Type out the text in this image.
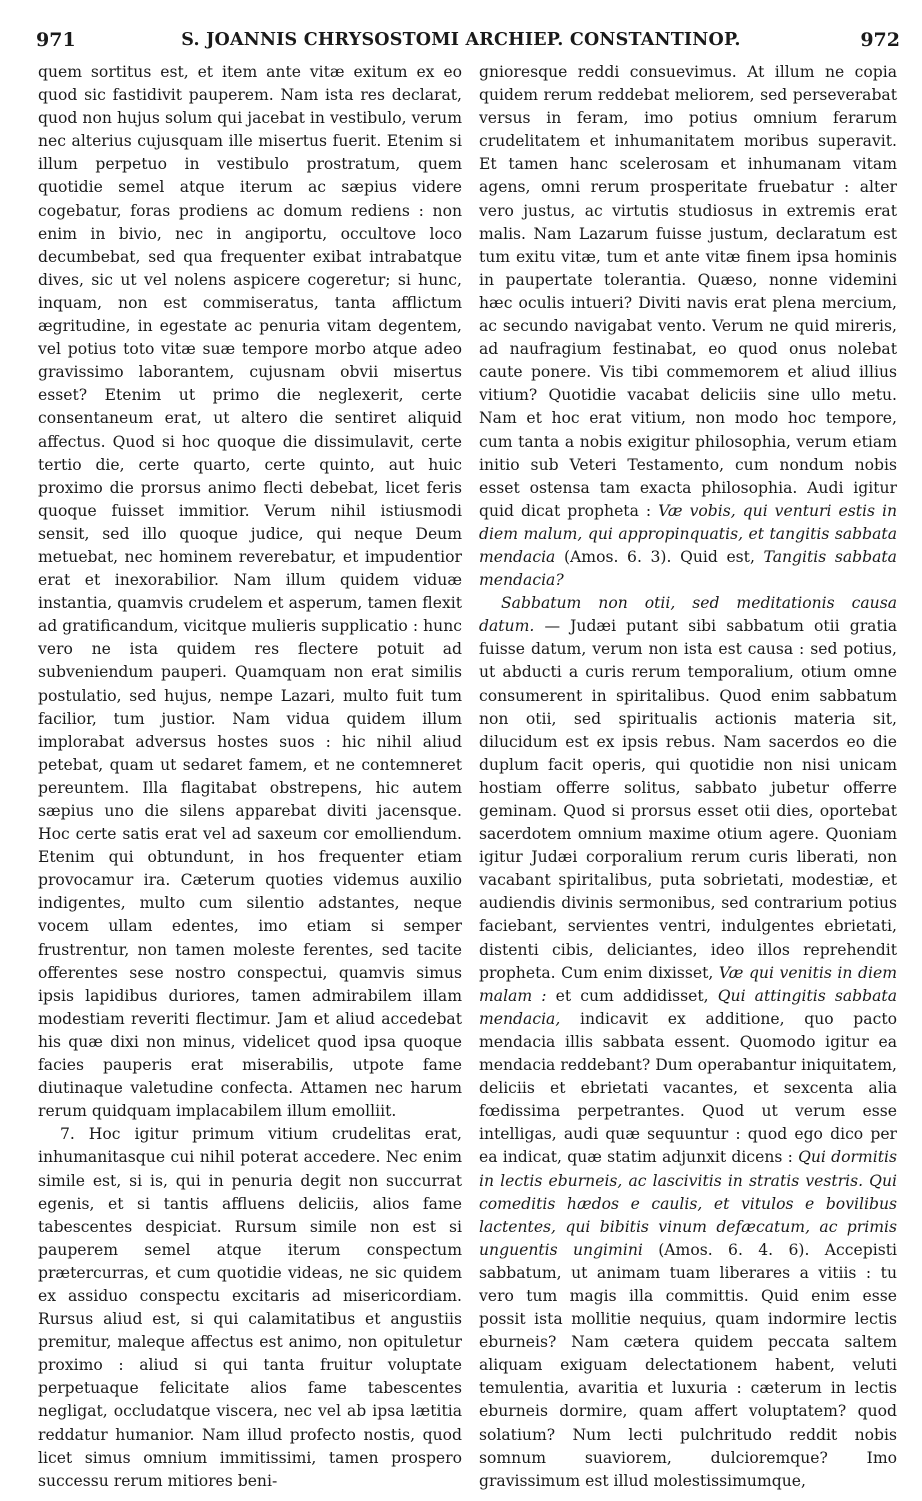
971	S. JOANNIS CHRYSOSTOMI ARCHIEP. CONSTANTINOP.	972

quem sortitus est, et item ante vitæ exitum ex eo quod sic fastidivit pauperem. Nam ista res declarat, quod non hujus solum qui jacebat in vestibulo, verum nec alterius cujusquam ille misertus fuerit. Etenim si illum perpetuo in vestibulo prostratum, quem quotidie semel atque iterum ac sæpius videre cogebatur, foras prodiens ac domum rediens : non enim in bivio, nec in angiportu, occultove loco decumbebat, sed qua frequenter exibat intrabatque dives, sic ut vel nolens aspicere cogeretur; si hunc, inquam, non est commiseratus, tanta afflictum ægritudine, in egestate ac penuria vitam degentem, vel potius toto vitæ suæ tempore morbo atque adeo gravissimo laborantem, cujusnam obvii misertus esset? Etenim ut primo die neglexerit, certe consentaneum erat, ut altero die sentiret aliquid affectus. Quod si hoc quoque die dissimulavit, certe tertio die, certe quarto, certe quinto, aut huic proximo die prorsus animo flecti debebat, licet feris quoque fuisset immitior. Verum nihil istiusmodi sensit, sed illo quoque judice, qui neque Deum metuebat, nec hominem reverebatur, et impudentior erat et inexorabilior. Nam illum quidem viduæ instantia, quamvis crudelem et asperum, tamen flexit ad gratificandum, vicitque mulieris supplicatio : hunc vero ne ista quidem res flectere potuit ad subveniendum pauperi. Quamquam non erat similis postulatio, sed hujus, nempe Lazari, multo fuit tum facilior, tum justior. Nam vidua quidem illum implorabat adversus hostes suos : hic nihil aliud petebat, quam ut sedaret famem, et ne contemneret pereuntem. Illa flagitabat obstrepens, hic autem sæpius uno die silens apparebat diviti jacensque. Hoc certe satis erat vel ad saxeum cor emolliendum. Etenim qui obtundunt, in hos frequenter etiam provocamur ira. Cæterum quoties videmus auxilio indigentes, multo cum silentio adstantes, neque vocem ullam edentes, imo etiam si semper frustrentur, non tamen moleste ferentes, sed tacite offerentes sese nostro conspectui, quamvis simus ipsis lapidibus duriores, tamen admirabilem illam modestiam reveriti flectimur. Jam et aliud accedebat his quæ dixi non minus, videlicet quod ipsa quoque facies pauperis erat miserabilis, utpote fame diutinaque valetudine confecta. Attamen nec harum rerum quidquam implacabilem illum emolliit.

7. Hoc igitur primum vitium crudelitas erat, inhumanitasque cui nihil poterat accedere. Nec enim simile est, si is, qui in penuria degit non succurrat egenis, et si tantis affluens deliciis, alios fame tabescentes despiciat. Rursum simile non est si pauperem semel atque iterum conspectum prætercurras, et cum quotidie videas, ne sic quidem ex assiduo conspectu excitaris ad misericordiam. Rursus aliud est, si qui calamitatibus et angustiis premitur, maleque affectus est animo, non opituletur proximo : aliud si qui tanta fruitur voluptate perpetuaque felicitate alios fame tabescentes negligat, occludatque viscera, nec vel ab ipsa lætitia reddatur humanior. Nam illud profecto nostis, quod licet simus omnium immitissimi, tamen prospero successu rerum mitiores beni-

gnioresque reddi consuevimus. At illum ne copia quidem rerum reddebat meliorem, sed perseverabat versus in feram, imo potius omnium ferarum crudelitatem et inhumanitatem moribus superavit. Et tamen hanc scelerosam et inhumanam vitam agens, omni rerum prosperitate fruebatur : alter vero justus, ac virtutis studiosus in extremis erat malis. Nam Lazarum fuisse justum, declaratum est tum exitu vitæ, tum et ante vitæ finem ipsa hominis in paupertate tolerantia. Quæso, nonne videmini hæc oculis intueri? Diviti navis erat plena mercium, ac secundo navigabat vento. Verum ne quid mireris, ad naufragium festinabat, eo quod onus nolebat caute ponere. Vis tibi commemorem et aliud illius vitium? Quotidie vacabat deliciis sine ullo metu. Nam et hoc erat vitium, non modo hoc tempore, cum tanta a nobis exigitur philosophia, verum etiam initio sub Veteri Testamento, cum nondum nobis esset ostensa tam exacta philosophia. Audi igitur quid dicat propheta : Væ vobis, qui venturi estis in diem malum, qui appropinquatis, et tangitis sabbata mendacia (Amos. 6. 3). Quid est, Tangitis sabbata mendacia?

Sabbatum non otii, sed meditationis causa datum. — Judæi putant sibi sabbatum otii gratia fuisse datum, verum non ista est causa : sed potius, ut abducti a curis rerum temporalium, otium omne consumerent in spiritalibus. Quod enim sabbatum non otii, sed spiritualis actionis materia sit, dilucidum est ex ipsis rebus. Nam sacerdos eo die duplum facit operis, qui quotidie non nisi unicam hostiam offerre solitus, sabbato jubetur offerre geminam. Quod si prorsus esset otii dies, oportebat sacerdotem omnium maxime otium agere. Quoniam igitur Judæi corporalium rerum curis liberati, non vacabant spiritalibus, puta sobrietati, modestiæ, et audiendis divinis sermonibus, sed contrarium potius faciebant, servientes ventri, indulgentes ebrietati, distenti cibis, deliciantes, ideo illos reprehendit propheta. Cum enim dixisset, Væ qui venitis in diem malam : et cum addidisset, Qui attingitis sabbata mendacia, indicavit ex additione, quo pacto mendacia illis sabbata essent. Quomodo igitur ea mendacia reddebant? Dum operabantur iniquitatem, deliciis et ebrietati vacantes, et sexcenta alia fœdissima perpetrantes. Quod ut verum esse intelligas, audi quæ sequuntur : quod ego dico per ea indicat, quæ statim adjunxit dicens : Qui dormitis in lectis eburneis, ac lascivitis in stratis vestris. Qui comeditis hædos e caulis, et vitulos e bovilibus lactentes, qui bibitis vinum defæcatum, ac primis unguentis ungimini (Amos. 6. 4. 6). Accepisti sabbatum, ut animam tuam liberares a vitiis : tu vero tum magis illa committis. Quid enim esse possit ista mollitie nequius, quam indormire lectis eburneis? Nam cætera quidem peccata saltem aliquam exiguam delectationem habent, veluti temulentia, avaritia et luxuria : cæterum in lectis eburneis dormire, quam affert voluptatem? quod solatium? Num lecti pulchritudo reddit nobis somnum suaviorem, dulcioremque? Imo gravissimum est illud molestissimumque,
